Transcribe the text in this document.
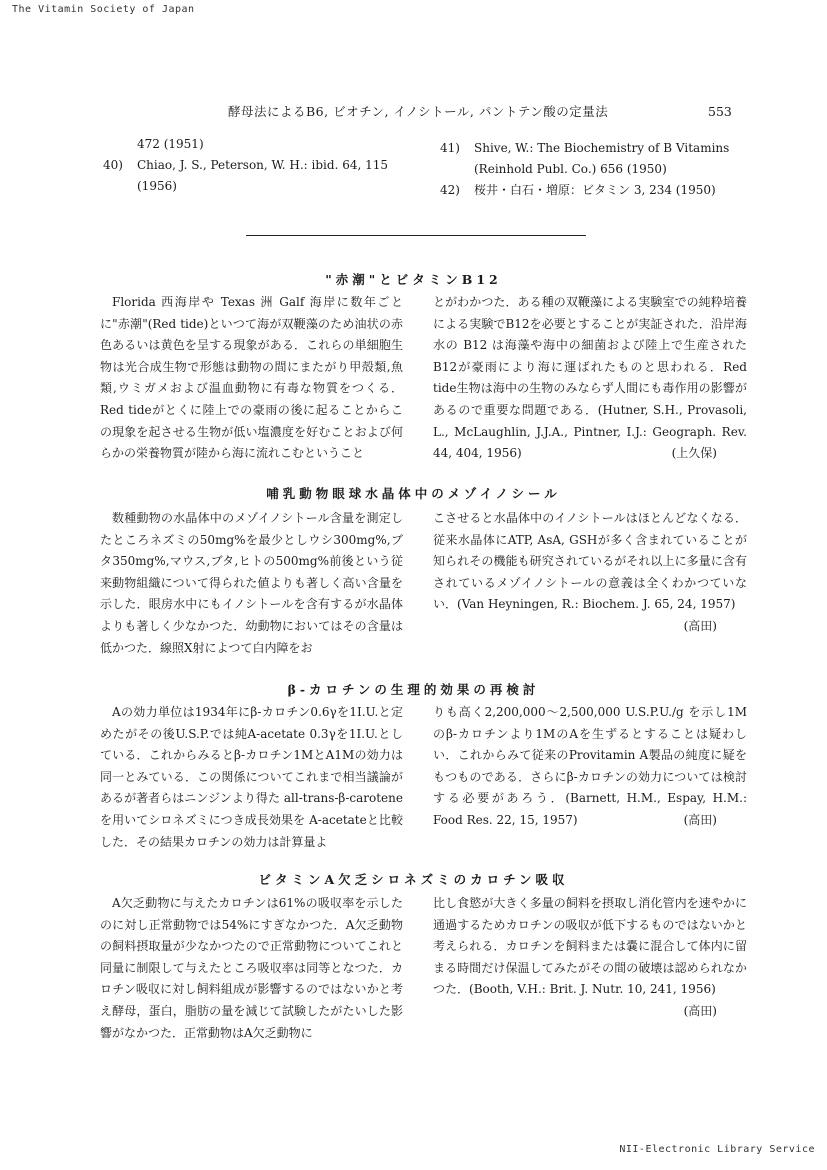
The Vitamin Society of Japan
酵母法によるB6, ビオチン, イノシトール, パントテン酸の定量法	553
472 (1951)
40) Chiao, J. S., Peterson, W. H.: ibid. 64, 115 (1956)
41) Shive, W.: The Biochemistry of B Vitamins (Reinhold Publ. Co.) 656 (1950)
42) 桜井・白石・増原：ビタミン 3, 234 (1950)
"赤潮"とビタミンB12

Florida 西海岸や Texas 洲 Galf 海岸に数年ごとに"赤潮"(Red tide)といつて海が双鞭藻のため油状の赤色あるいは黄色を呈する現象がある．これらの単細胞生物は光合成生物で形態は動物の間にまたがり甲殻類,魚類,ウミガメおよび温血動物に有毒な物質をつくる．Red tideがとくに陸上での豪雨の後に起ることからこの現象を起させる生物が低い塩濃度を好むことおよび何らかの栄養物質が陸から海に流れこむということ

とがわかつた．ある種の双鞭藻による実験室での純粋培養による実験でB12を必要とすることが実証された．沿岸海水の B12 は海藻や海中の細菌および陸上で生産されたB12が豪雨により海に運ばれたものと思われる．Red tide生物は海中の生物のみならず人間にも毒作用の影響があるので重要な問題である．(Hutner, S.H., Provasoli, L., McLaughlin, J.J.A., Pintner, I.J.: Geograph. Rev. 44, 404, 1956)	(上久保)
哺乳動物眼球水晶体中のメゾイノシール

数種動物の水晶体中のメゾイノシトール含量を測定したところネズミの50mg%を最少としウシ300mg%,ブタ350mg%,マウス,ブタ,ヒトの500mg%前後という従来動物組織について得られた値よりも著しく高い含量を示した．眼房水中にもイノシトールを含有するが水晶体よりも著しく少なかつた．幼動物においてはその含量は低かつた．線照X射によつて白内障をお

こさせると水晶体中のイノシトールはほとんどなくなる．従来水晶体にATP, AsA, GSHが多く含まれていることが知られその機能も研究されているがそれ以上に多量に含有されているメゾイノシトールの意義は全くわかつていない．(Van Heyningen, R.: Biochem. J. 65, 24, 1957)
(高田)
β-カロチンの生理的効果の再検討

Aの効力単位は1934年にβ-カロチン0.6γを1I.U.と定めたがその後U.S.P.では純A-acetate 0.3γを1I.U.としている．これからみるとβ-カロチン1MとA1Mの効力は同一とみている．この関係についてこれまで相当議論があるが著者らはニンジンより得た all-trans-β-carotene を用いてシロネズミにつき成長効果を A-acetateと比較した．その結果カロチンの効力は計算量よ

りも高く2,200,000～2,500,000 U.S.P.U./g を示し1Mのβ-カロチンより1MのAを生ずるとすることは疑わしい．これからみて従来のProvitamin A製品の純度に疑をもつものである．さらにβ-カロチンの効力については検討する必要があろう．(Barnett, H.M., Espay, H.M.: Food Res. 22, 15, 1957)	(高田)
ビタミンA欠乏シロネズミのカロチン吸収

A欠乏動物に与えたカロチンは61%の吸収率を示したのに対し正常動物では54%にすぎなかつた．A欠乏動物の飼料摂取量が少なかつたので正常動物についてこれと同量に制限して与えたところ吸収率は同等となつた．カロチン吸収に対し飼料組成が影響するのではないかと考え酵母，蛋白，脂肪の量を減じて試験したがたいした影響がなかつた．正常動物はA欠乏動物に

比し食慾が大きく多量の飼料を摂取し消化管内を速やかに通過するためカロチンの吸収が低下するものではないかと考えられる．カロチンを飼料または嚢に混合して体内に留まる時間だけ保温してみたがその間の破壊は認められなかつた．(Booth, V.H.: Brit. J. Nutr. 10, 241, 1956)
(高田)
NII-Electronic Library Service
